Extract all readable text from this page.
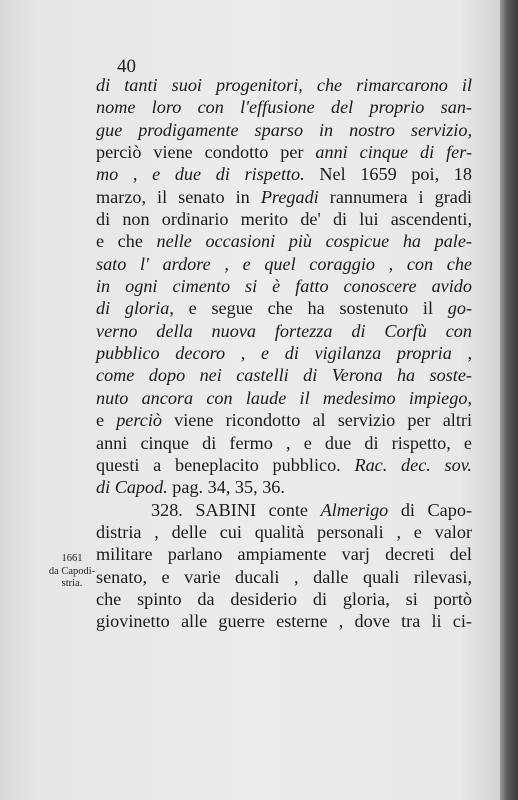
40

1661
da Capodi-
stria.
di tanti suoi progenitori, che rimarcarono il
nome loro con l'effusione del proprio san-
gue prodigamente sparso in nostro servizio,
perciò viene condotto per anni cinque di fer-
mo , e due di rispetto. Nel 1659 poi, 18
marzo, il senato in Pregadi rannumera i gradi
di non ordinario merito de' di lui ascendenti,
e che nelle occasioni più cospicue ha pale-
sato l' ardore , e quel coraggio , con che
in ogni cimento si è fatto conoscere avido
di gloria, e segue che ha sostenuto il go-
verno della nuova fortezza di Corfù con
pubblico decoro , e di vigilanza propria ,
come dopo nei castelli di Verona ha soste-
nuto ancora con laude il medesimo impiego,
e perciò viene ricondotto al servizio per altri
anni cinque di fermo , e due di rispetto, e
questi a beneplacito pubblico. Rac. dec. sov.
di Capod. pag. 34, 35, 36.
328. SABINI conte Almerigo di Capo-
distria , delle cui qualità personali , e valor
militare parlano ampiamente varj decreti del
senato, e varie ducali , dalle quali rilevasi,
che spinto da desiderio di gloria, si portò
giovinetto alle guerre esterne , dove tra li ci-
